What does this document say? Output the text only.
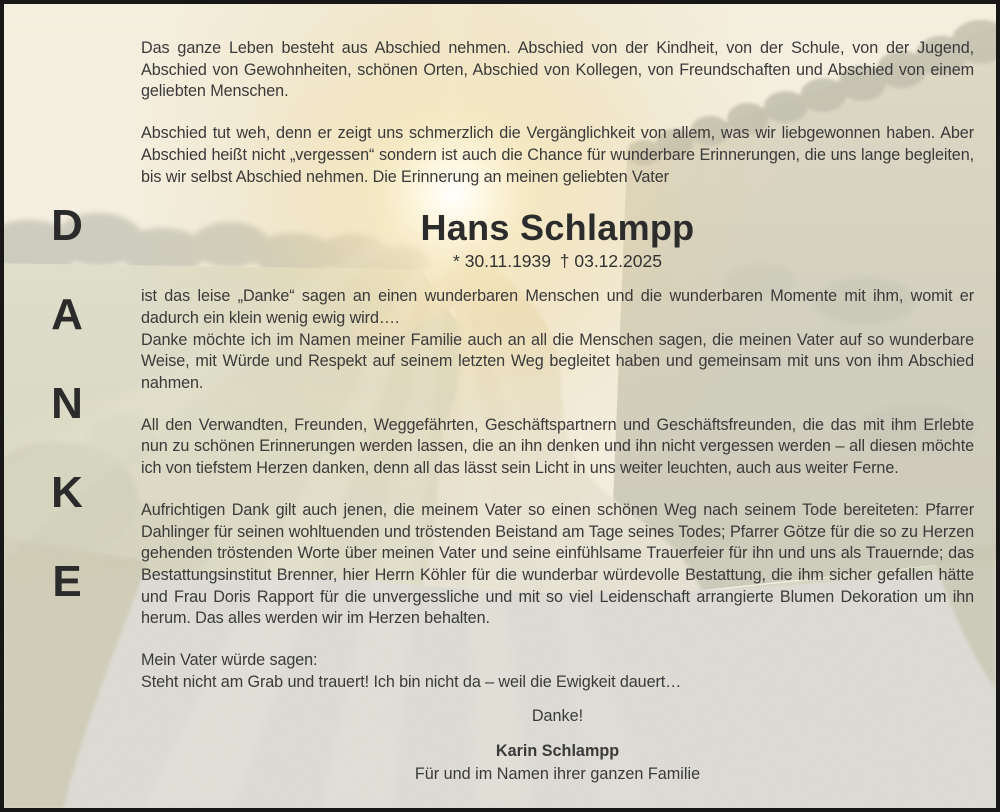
D
A
N
K
E

Das ganze Leben besteht aus Abschied nehmen. Abschied von der Kindheit, von der Schule, von der Jugend, Abschied von Gewohnheiten, schönen Orten, Abschied von Kollegen, von Freundschaften und Abschied von einem geliebten Menschen.

Abschied tut weh, denn er zeigt uns schmerzlich die Vergänglichkeit von allem, was wir liebgewonnen haben. Aber Abschied heißt nicht „vergessen“ sondern ist auch die Chance für wunderbare Erinnerungen, die uns lange begleiten, bis wir selbst Abschied nehmen. Die Erinnerung an meinen geliebten Vater

Hans Schlampp
* 30.11.1939 † 03.12.2025

ist das leise „Danke“ sagen an einen wunderbaren Menschen und die wunderbaren Momente mit ihm, womit er dadurch ein klein wenig ewig wird….
Danke möchte ich im Namen meiner Familie auch an all die Menschen sagen, die meinen Vater auf so wunderbare Weise, mit Würde und Respekt auf seinem letzten Weg begleitet haben und gemeinsam mit uns von ihm Abschied nahmen.

All den Verwandten, Freunden, Weggefährten, Geschäftspartnern und Geschäftsfreunden, die das mit ihm Erlebte nun zu schönen Erinnerungen werden lassen, die an ihn denken und ihn nicht vergessen werden – all diesen möchte ich von tiefstem Herzen danken, denn all das lässt sein Licht in uns weiter leuchten, auch aus weiter Ferne.

Aufrichtigen Dank gilt auch jenen, die meinem Vater so einen schönen Weg nach seinem Tode bereiteten: Pfarrer Dahlinger für seinen wohltuenden und tröstenden Beistand am Tage seines Todes; Pfarrer Götze für die so zu Herzen gehenden tröstenden Worte über meinen Vater und seine einfühlsame Trauerfeier für ihn und uns als Trauernde; das Bestattungsinstitut Brenner, hier Herrn Köhler für die wunderbar würdevolle Bestattung, die ihm sicher gefallen hätte und Frau Doris Rapport für die unvergessliche und mit so viel Leidenschaft arrangierte Blumen Dekoration um ihn herum. Das alles werden wir im Herzen behalten.

Mein Vater würde sagen:
Steht nicht am Grab und trauert! Ich bin nicht da – weil die Ewigkeit dauert…

Danke!

Karin Schlampp

Für und im Namen ihrer ganzen Familie
